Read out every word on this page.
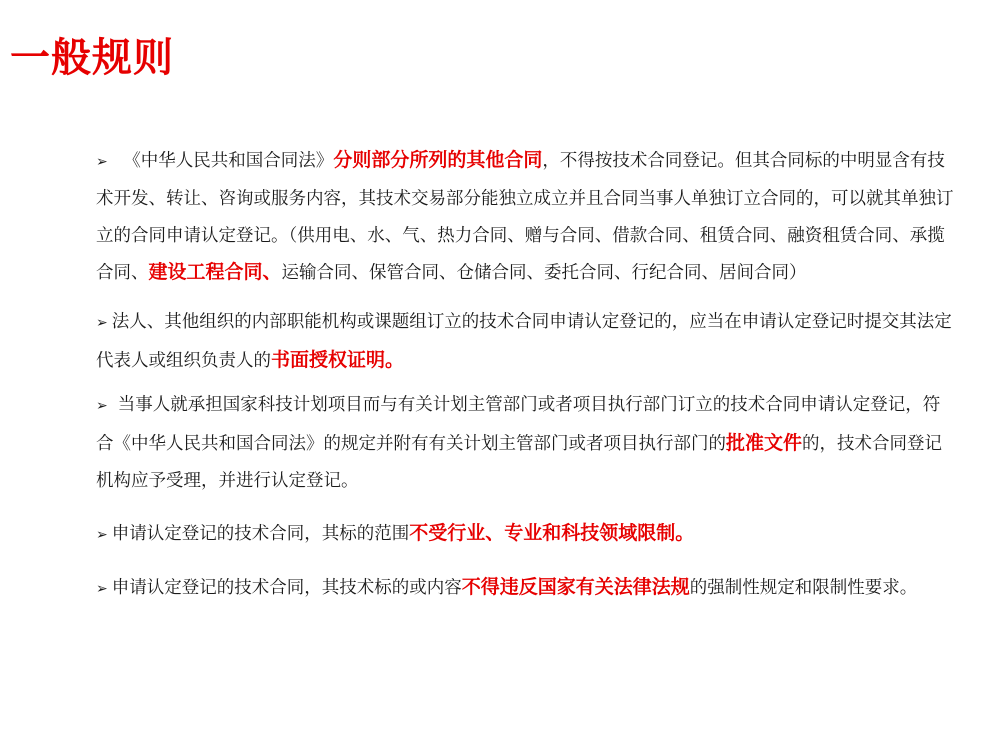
一般规则

➢ 《中华人民共和国合同法》分则部分所列的其他合同，不得按技术合同登记。但其合同标的中明显含有技术开发、转让、咨询或服务内容，其技术交易部分能独立成立并且合同当事人单独订立合同的，可以就其单独订立的合同申请认定登记。（供用电、水、气、热力合同、赠与合同、借款合同、租赁合同、融资租赁合同、承揽合同、建设工程合同、运输合同、保管合同、仓储合同、委托合同、行纪合同、居间合同）

➢ 法人、其他组织的内部职能机构或课题组订立的技术合同申请认定登记的，应当在申请认定登记时提交其法定代表人或组织负责人的书面授权证明。

➢ 当事人就承担国家科技计划项目而与有关计划主管部门或者项目执行部门订立的技术合同申请认定登记，符合《中华人民共和国合同法》的规定并附有有关计划主管部门或者项目执行部门的批准文件的，技术合同登记机构应予受理，并进行认定登记。

➢ 申请认定登记的技术合同，其标的范围不受行业、专业和科技领域限制。

➢ 申请认定登记的技术合同，其技术标的或内容不得违反国家有关法律法规的强制性规定和限制性要求。
